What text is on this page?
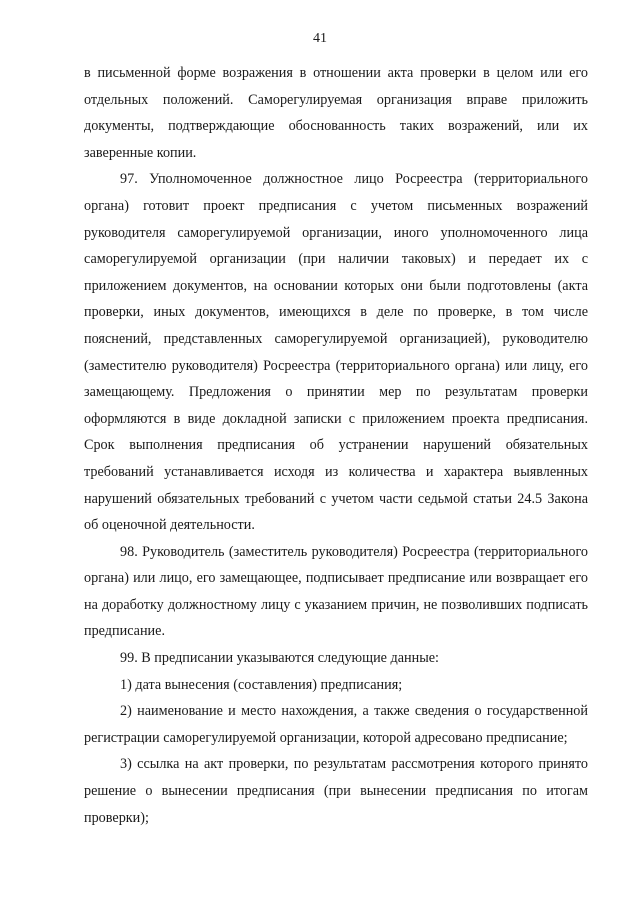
41

в письменной форме возражения в отношении акта проверки в целом или его отдельных положений. Саморегулируемая организация вправе приложить документы, подтверждающие обоснованность таких возражений, или их заверенные копии.

97. Уполномоченное должностное лицо Росреестра (территориального органа) готовит проект предписания с учетом письменных возражений руководителя саморегулируемой организации, иного уполномоченного лица саморегулируемой организации (при наличии таковых) и передает их с приложением документов, на основании которых они были подготовлены (акта проверки, иных документов, имеющихся в деле по проверке, в том числе пояснений, представленных саморегулируемой организацией), руководителю (заместителю руководителя) Росреестра (территориального органа) или лицу, его замещающему. Предложения о принятии мер по результатам проверки оформляются в виде докладной записки с приложением проекта предписания. Срок выполнения предписания об устранении нарушений обязательных требований устанавливается исходя из количества и характера выявленных нарушений обязательных требований с учетом части седьмой статьи 24.5 Закона об оценочной деятельности.

98. Руководитель (заместитель руководителя) Росреестра (территориального органа) или лицо, его замещающее, подписывает предписание или возвращает его на доработку должностному лицу с указанием причин, не позволивших подписать предписание.

99. В предписании указываются следующие данные:

1) дата вынесения (составления) предписания;

2) наименование и место нахождения, а также сведения о государственной регистрации саморегулируемой организации, которой адресовано предписание;

3) ссылка на акт проверки, по результатам рассмотрения которого принято решение о вынесении предписания (при вынесении предписания по итогам проверки);
